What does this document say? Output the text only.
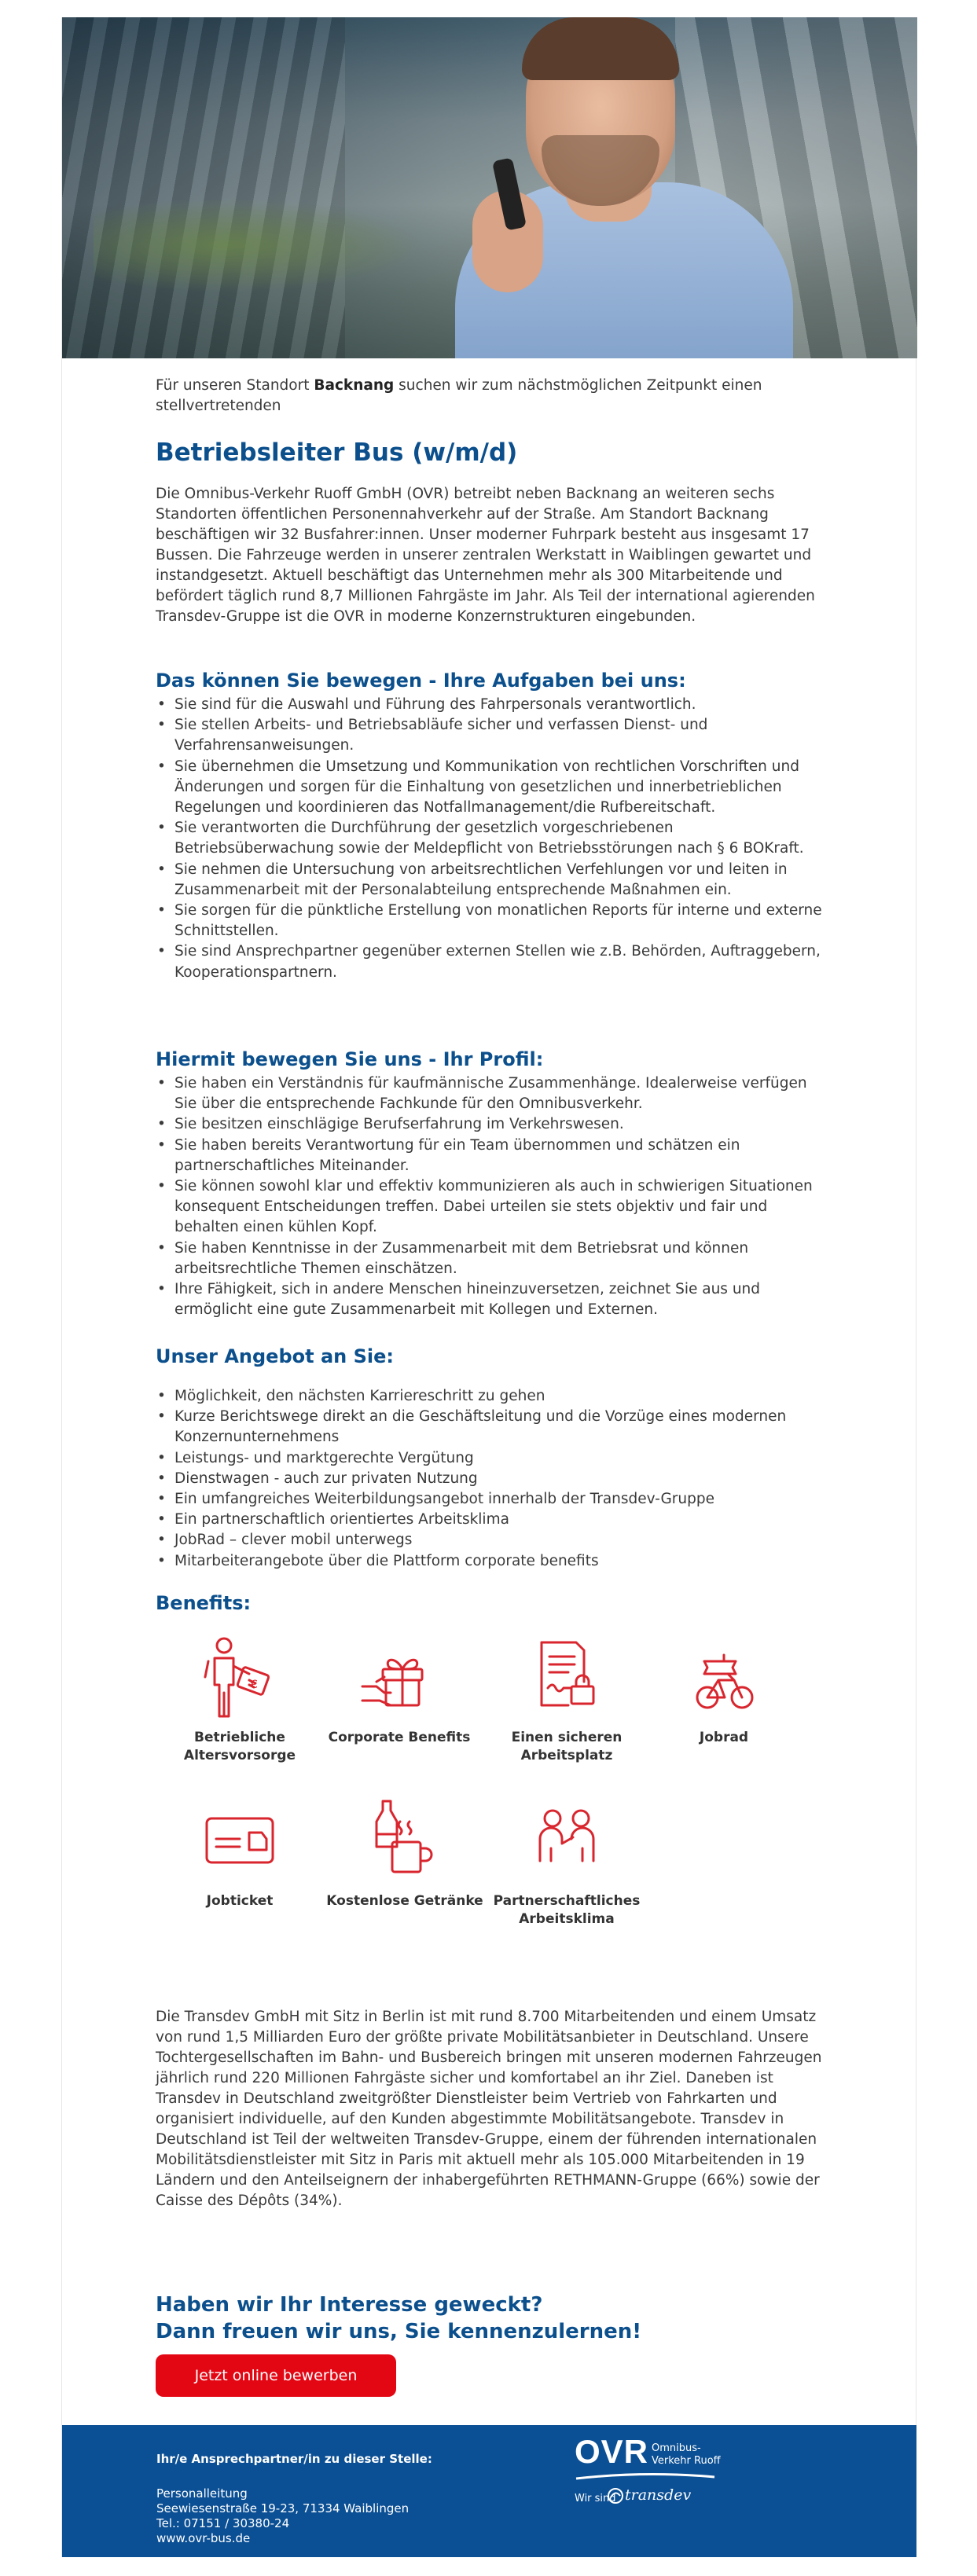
Für unseren Standort Backnang suchen wir zum nächstmöglichen Zeitpunkt einen stellvertretenden
Betriebsleiter Bus (w/m/d)

Die Omnibus-Verkehr Ruoff GmbH (OVR) betreibt neben Backnang an weiteren sechs Standorten öffentlichen Personennahverkehr auf der Straße. Am Standort Backnang beschäftigen wir 32 Busfahrer:innen. Unser moderner Fuhrpark besteht aus insgesamt 17 Bussen. Die Fahrzeuge werden in unserer zentralen Werkstatt in Waiblingen gewartet und instandgesetzt. Aktuell beschäftigt das Unternehmen mehr als 300 Mitarbeitende und befördert täglich rund 8,7 Millionen Fahrgäste im Jahr. Als Teil der international agierenden Transdev-Gruppe ist die OVR in moderne Konzernstrukturen eingebunden.

Das können Sie bewegen - Ihre Aufgaben bei uns:
• Sie sind für die Auswahl und Führung des Fahrpersonals verantwortlich.
• Sie stellen Arbeits- und Betriebsabläufe sicher und verfassen Dienst- und Verfahrensanweisungen.
• Sie übernehmen die Umsetzung und Kommunikation von rechtlichen Vorschriften und Änderungen und sorgen für die Einhaltung von gesetzlichen und innerbetrieblichen Regelungen und koordinieren das Notfallmanagement/die Rufbereitschaft.
• Sie verantworten die Durchführung der gesetzlich vorgeschriebenen Betriebsüberwachung sowie der Meldepflicht von Betriebsstörungen nach § 6 BOKraft.
• Sie nehmen die Untersuchung von arbeitsrechtlichen Verfehlungen vor und leiten in Zusammenarbeit mit der Personalabteilung entsprechende Maßnahmen ein.
• Sie sorgen für die pünktliche Erstellung von monatlichen Reports für interne und externe Schnittstellen.
• Sie sind Ansprechpartner gegenüber externen Stellen wie z.B. Behörden, Auftraggebern, Kooperationspartnern.
Hiermit bewegen Sie uns - Ihr Profil:
• Sie haben ein Verständnis für kaufmännische Zusammenhänge. Idealerweise verfügen Sie über die entsprechende Fachkunde für den Omnibusverkehr.
• Sie besitzen einschlägige Berufserfahrung im Verkehrswesen.
• Sie haben bereits Verantwortung für ein Team übernommen und schätzen ein partnerschaftliches Miteinander.
• Sie können sowohl klar und effektiv kommunizieren als auch in schwierigen Situationen konsequent Entscheidungen treffen. Dabei urteilen sie stets objektiv und fair und behalten einen kühlen Kopf.
• Sie haben Kenntnisse in der Zusammenarbeit mit dem Betriebsrat und können arbeitsrechtliche Themen einschätzen.
• Ihre Fähigkeit, sich in andere Menschen hineinzuversetzen, zeichnet Sie aus und ermöglicht eine gute Zusammenarbeit mit Kollegen und Externen.
Unser Angebot an Sie:
• Möglichkeit, den nächsten Karriereschritt zu gehen
• Kurze Berichtswege direkt an die Geschäftsleitung und die Vorzüge eines modernen Konzernunternehmens
• Leistungs- und marktgerechte Vergütung
• Dienstwagen - auch zur privaten Nutzung
• Ein umfangreiches Weiterbildungsangebot innerhalb der Transdev-Gruppe
• Ein partnerschaftlich orientiertes Arbeitsklima
• JobRad – clever mobil unterwegs
• Mitarbeiterangebote über die Plattform corporate benefits
Benefits:
€
Betriebliche Altersvorsorge
Corporate Benefits	Einen sicheren Arbeitsplatz
Jobrad
Jobticket	Kostenlose Getränke Partnerschaftliches Arbeitsklima

Die Transdev GmbH mit Sitz in Berlin ist mit rund 8.700 Mitarbeitenden und einem Umsatz von rund 1,5 Milliarden Euro der größte private Mobilitätsanbieter in Deutschland. Unsere Tochtergesellschaften im Bahn- und Busbereich bringen mit unseren modernen Fahrzeugen jährlich rund 220 Millionen Fahrgäste sicher und komfortabel an ihr Ziel. Daneben ist Transdev in Deutschland zweitgrößter Dienstleister beim Vertrieb von Fahrkarten und organisiert individuelle, auf den Kunden abgestimmte Mobilitätsangebote. Transdev in Deutschland ist Teil der weltweiten Transdev-Gruppe, einem der führenden internationalen Mobilitätsdienstleister mit Sitz in Paris mit aktuell mehr als 105.000 Mitarbeitenden in 19 Ländern und den Anteilseignern der inhabergeführten RETHMANN-Gruppe (66%) sowie der Caisse des Dépôts (34%).

Haben wir Ihr Interesse geweckt?
Dann freuen wir uns, Sie kennenzulernen!
Jetzt online bewerben
Ihr/e Ansprechpartner/in zu dieser Stelle:
Personalleitung
Seewiesenstraße 19-23, 71334 Waiblingen
Tel.: 07151 / 30380-24
www.ovr-bus.de
OVR Omnibus-
Verkehr Ruoff
Wir sind transdev
